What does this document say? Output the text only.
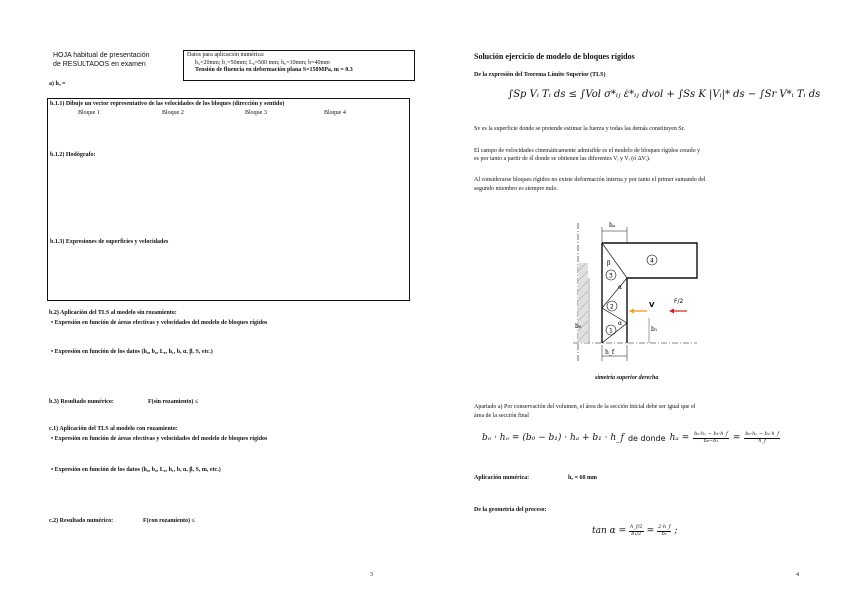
HOJA habitual de presentación
de RESULTADOS en examen
Datos para aplicación numérica:
b₀=20mm; b₁=50mm; L₀=500 mm; h₀=10mm; b=40mm
Tensión de fluencia en deformación plana S=150MPa, m = 0.3
a) hₐ =
b.1.1) Dibuje un vector representativo de las velocidades de los bloques (dirección y sentido)
Bloque 1	Bloque 2	Bloque 3	Bloque 4
b.1.2) Hodógrafo:
b.1.3) Expresiones de superficies y velocidades
b.2) Aplicación del TLS al modelo sin rozamiento:
• Expresión en función de áreas efectivas y velocidades del modelo de bloques rígidos
• Expresión en función de los datos (h₀, b₀, L₀, h₁, b, α, β, S, etc.)
b.3) Resultado numérico:	F(sin rozamiento) ≤
c.1) Aplicación del TLS al modelo con rozamiento:
• Expresión en función de áreas efectivas y velocidades del modelo de bloques rígidos
• Expresión en función de los datos (h₀, b₀, L₀, h₁, b, α, β, S, m, etc.)
c.2) Resultado numérico:	F(con rozamiento) ≤
3
Solución ejercicio de modelo de bloques rígidos
De la expresión del Teorema Límite Superior (TLS)
∫Sp Vᵢ Tᵢ ds ≤ ∫Vol σ*ᵢⱼ ε̇*ᵢⱼ dvol + ∫Ss K |Vᵢ|* ds − ∫Sr V*ᵢ Tᵢ ds
Sv es la superficie donde se pretende estimar la fuerza y todas las demás constituyen Sr.
El campo de velocidades cinemáticamente admisible es el modelo de bloques rígidos creado y
es por tanto a partir de él donde se obtienen las diferentes Vᵢ y Vᵢ (ó ΔVᵢ).
Al considerarse bloques rígidos no existe deformación interna y por tanto el primer sumando del
segundo miembro es siempre nulo.
hₐ
β
α
α
4
3
2
1
V	F/2
b₀	b₁
h_f
simetría superior derecha
Apartado a) Por conservación del volumen, el área de la sección inicial debe ser igual que el
área de la sección final
bₒ · hₒ = (b₀ − b₁) · hₐ + b₁ · h_f de donde $h_a = \frac{\text{b₀·hₒ − b₁·h\_f}}{\text{b₀−b₁}} = \frac{\text{b₀·hₒ − b₁·h\_f}}{h\_f}$
Aplicación numérica:	hₐ = 60 mm
De la geometría del proceso:
$\tan \alpha = \frac{h\_f/2}{\text{b₁/2}} = \frac{2\cdot h\_f}{\text{b₁}}$ ;
4
